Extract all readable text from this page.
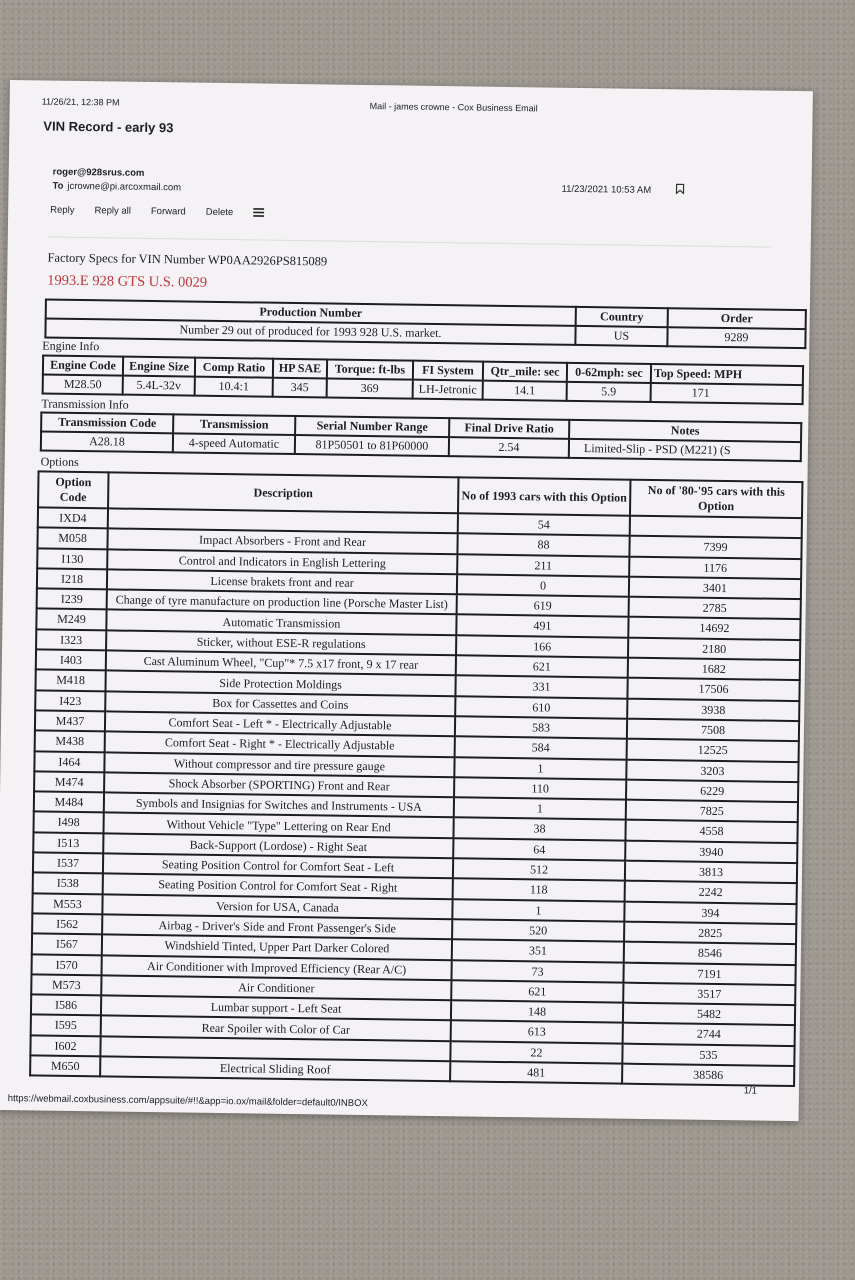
11/26/21, 12:38 PM	Mail - james crowne - Cox Business Email
VIN Record - early 93
roger@928srus.com
To jcrowne@pi.arcoxmail.com	11/23/2021 10:53 AM
Reply Reply all Forward Delete
Factory Specs for VIN Number WP0AA2926PS815089
1993.E 928 GTS U.S. 0029
Production Number	Country	Order
Number 29 out of produced for 1993 928 U.S. market.	US	9289
Engine Info
Engine Code	Engine Size	Comp Ratio	HP SAE	Torque: ft-lbs	FI System	Qtr_mile: sec	0-62mph: sec	Top Speed: MPH
M28.50	5.4L-32v	10.4:1	345	369	LH-Jetronic	14.1	5.9	171
Transmission Info
Transmission Code	Transmission	Serial Number Range	Final Drive Ratio	Notes
A28.18	4-speed Automatic	81P50501 to 81P60000	2.54	Limited-Slip - PSD (M221) (S
Options
Option Code	Description	No of 1993 cars with this Option	No of '80-'95 cars with this Option
IXD4		54	
M058	Impact Absorbers - Front and Rear	88	7399
I130	Control and Indicators in English Lettering	211	1176
I218	License brakets front and rear	0	3401
I239	Change of tyre manufacture on production line (Porsche Master List)	619	2785
M249	Automatic Transmission	491	14692
I323	Sticker, without ESE-R regulations	166	2180
I403	Cast Aluminum Wheel, "Cup"* 7.5 x17 front, 9 x 17 rear	621	1682
M418	Side Protection Moldings	331	17506
I423	Box for Cassettes and Coins	610	3938
M437	Comfort Seat - Left * - Electrically Adjustable	583	7508
M438	Comfort Seat - Right * - Electrically Adjustable	584	12525
I464	Without compressor and tire pressure gauge	1	3203
M474	Shock Absorber (SPORTING) Front and Rear	110	6229
M484	Symbols and Insignias for Switches and Instruments - USA	1	7825
I498	Without Vehicle "Type" Lettering on Rear End	38	4558
I513	Back-Support (Lordose) - Right Seat	64	3940
I537	Seating Position Control for Comfort Seat - Left	512	3813
I538	Seating Position Control for Comfort Seat - Right	118	2242
M553	Version for USA, Canada	1	394
I562	Airbag - Driver's Side and Front Passenger's Side	520	2825
I567	Windshield Tinted, Upper Part Darker Colored	351	8546
I570	Air Conditioner with Improved Efficiency (Rear A/C)	73	7191
M573	Air Conditioner	621	3517
I586	Lumbar support - Left Seat	148	5482
I595	Rear Spoiler with Color of Car	613	2744
I602		22	535
M650	Electrical Sliding Roof	481	38586
1/1
https://webmail.coxbusiness.com/appsuite/#!!&app=io.ox/mail&folder=default0/INBOX
